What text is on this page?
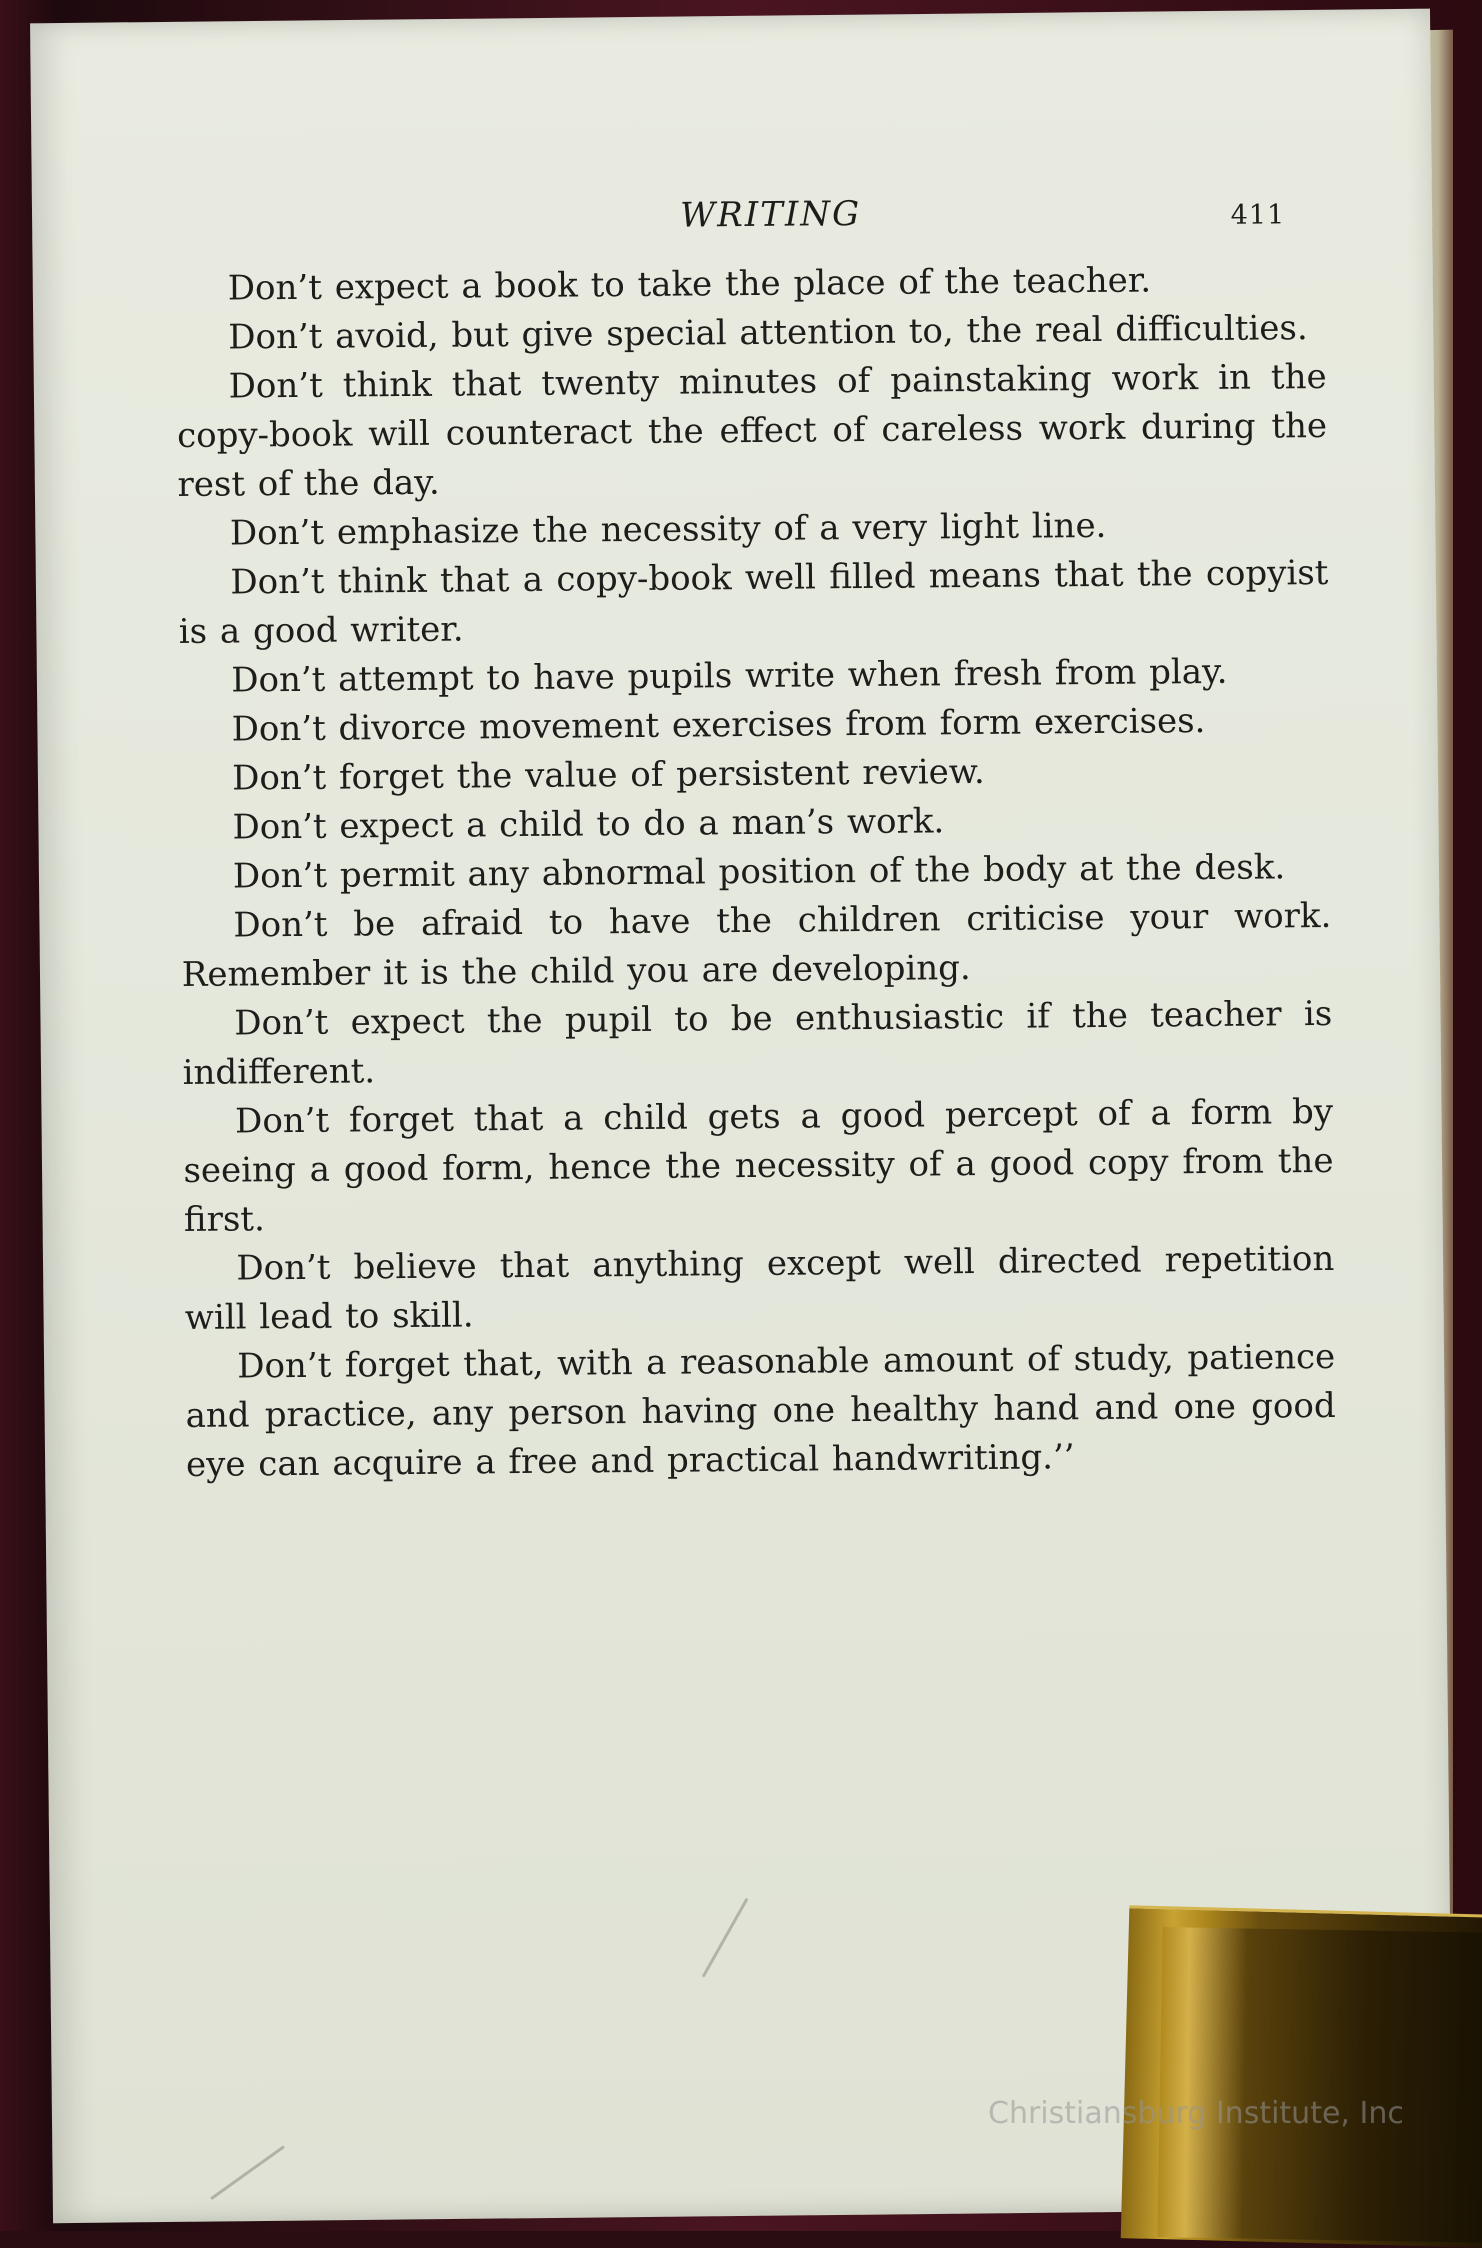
WRITING	411

Don’t expect a book to take the place of the teacher.

Don’t avoid, but give special attention to, the real difficulties.

Don’t think that twenty minutes of painstaking work in the copy-book will counteract the effect of careless work during the rest of the day.

Don’t emphasize the necessity of a very light line.

Don’t think that a copy-book well filled means that the copyist is a good writer.

Don’t attempt to have pupils write when fresh from play.

Don’t divorce movement exercises from form exercises.

Don’t forget the value of persistent review.

Don’t expect a child to do a man’s work.

Don’t permit any abnormal position of the body at the desk.

Don’t be afraid to have the children criticise your work. Remember it is the child you are developing.

Don’t expect the pupil to be enthusiastic if the teacher is indifferent.

Don’t forget that a child gets a good percept of a form by seeing a good form, hence the necessity of a good copy from the first.

Don’t believe that anything except well directed repetition will lead to skill.

Don’t forget that, with a reasonable amount of study, patience and practice, any person having one healthy hand and one good eye can acquire a free and practical handwriting.’’

Christiansburg Institute, Inc
